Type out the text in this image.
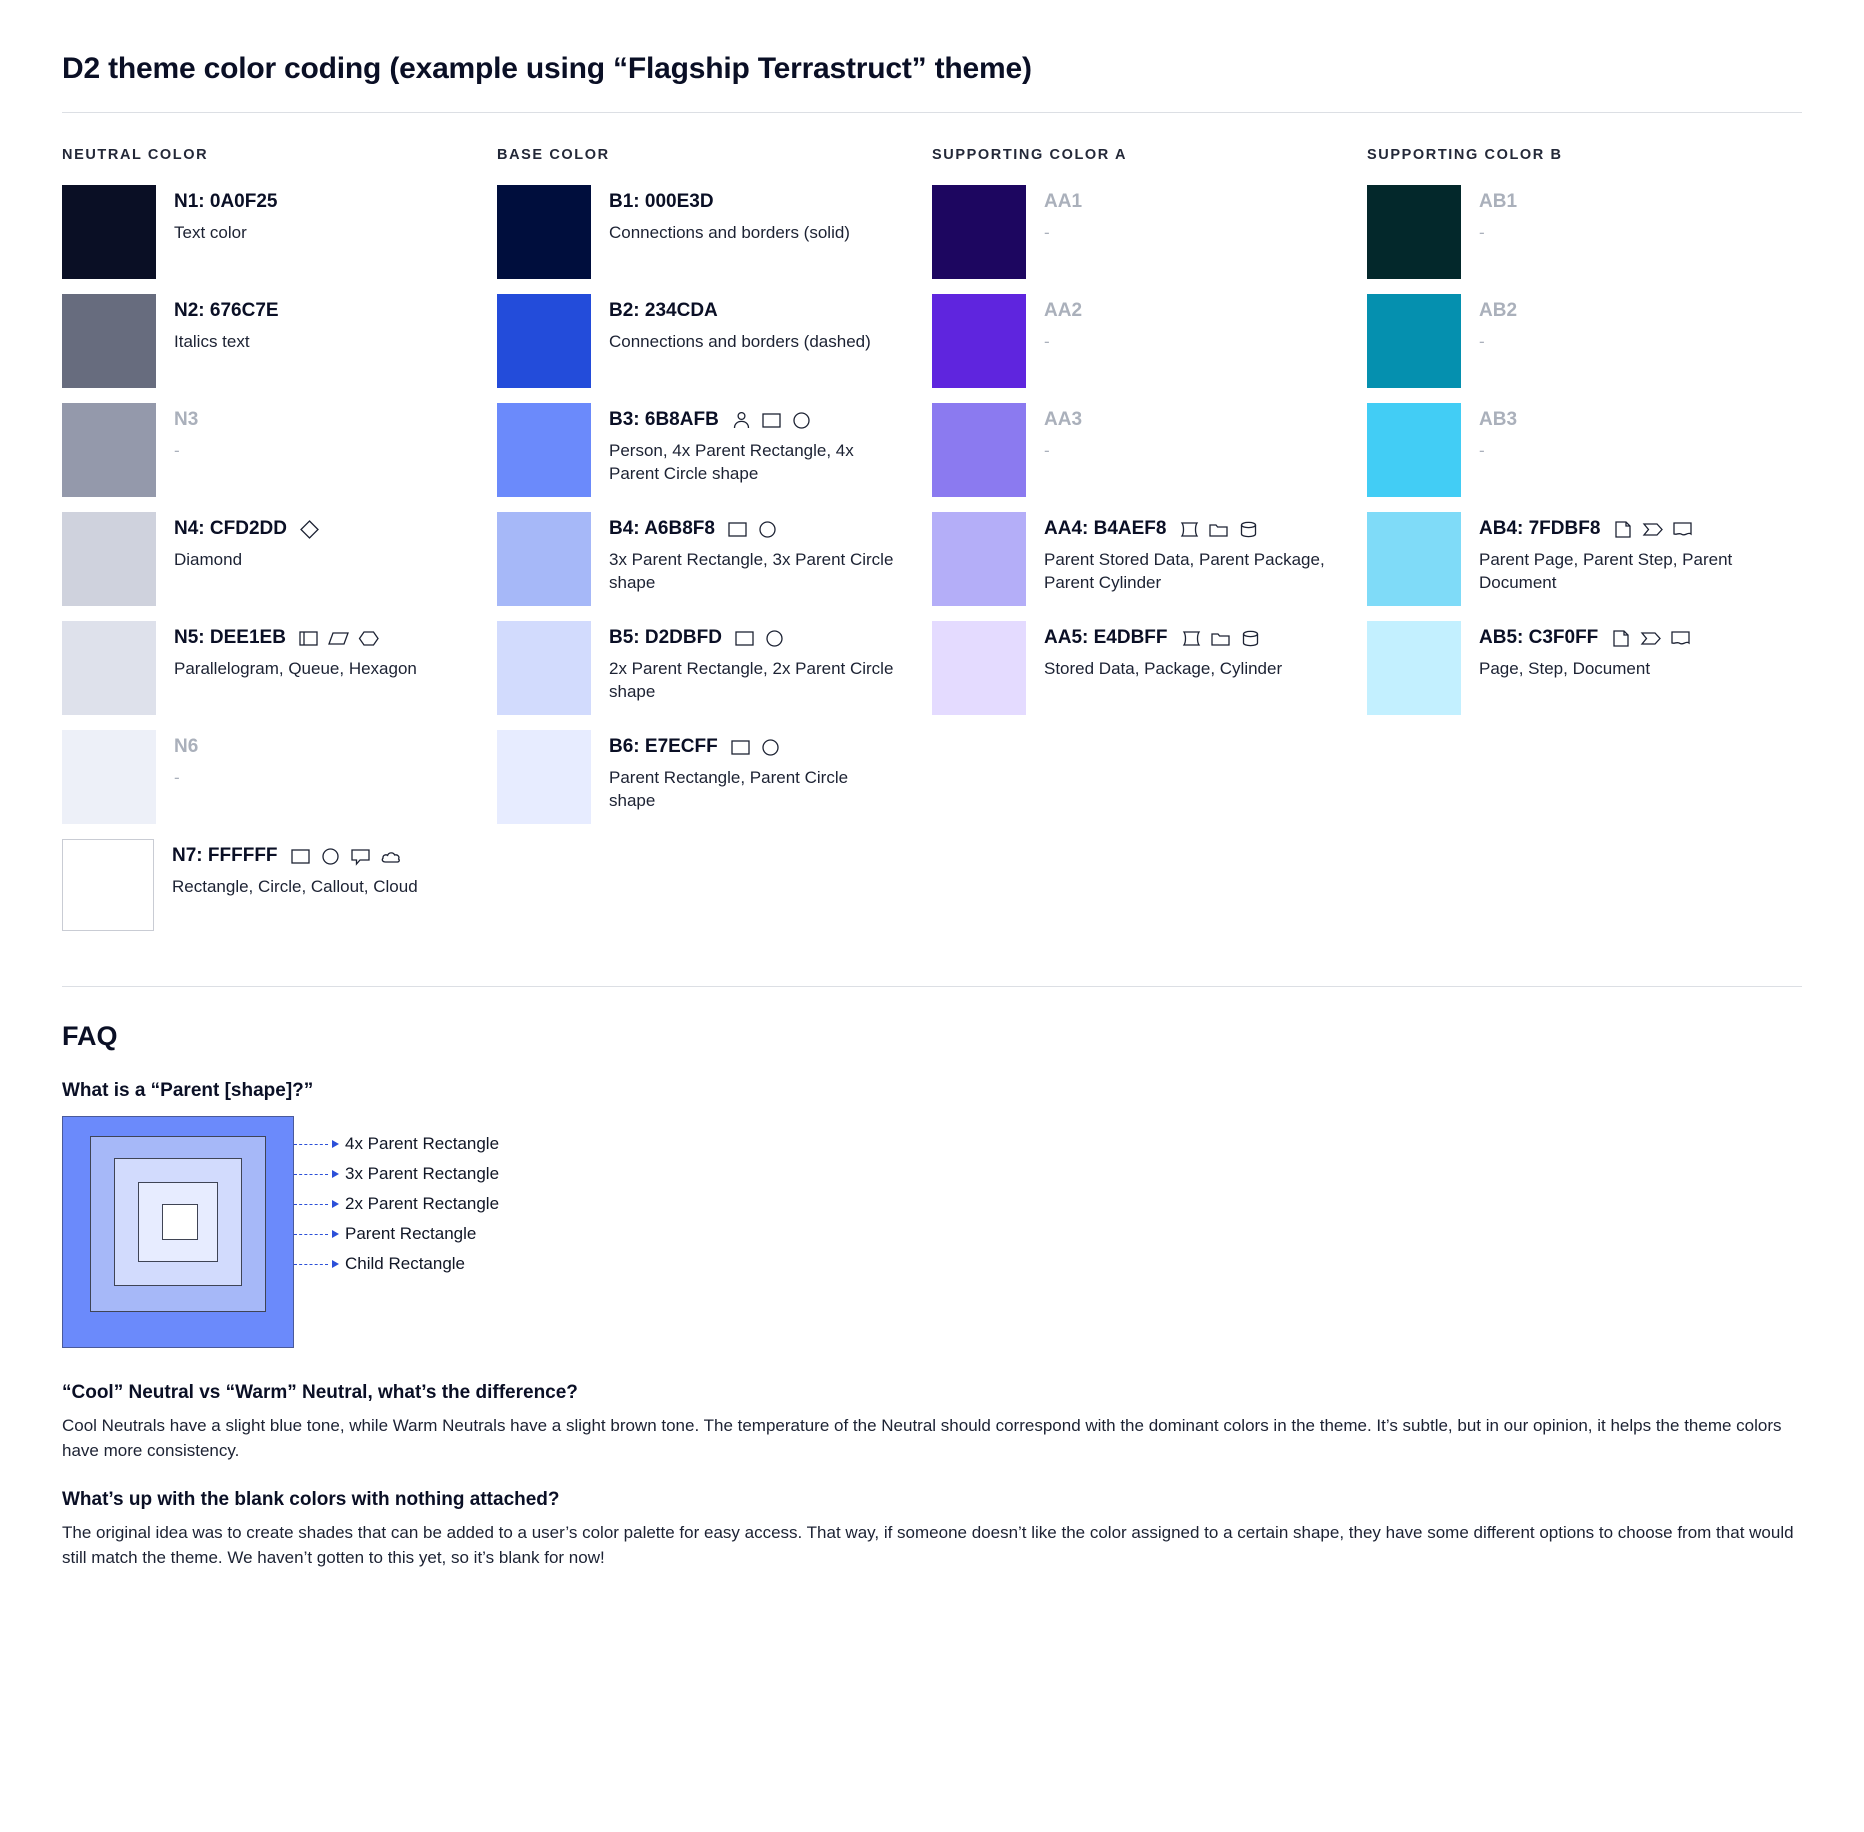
D2 theme color coding (example using “Flagship Terrastruct” theme)
NEUTRAL COLOR
N1: 0A0F25
Text color
N2: 676C7E
Italics text
N3
-
N4: CFD2DD
Diamond
N5: DEE1EB
Parallelogram, Queue, Hexagon
N6
-
N7: FFFFFF
Rectangle, Circle, Callout, Cloud
BASE COLOR
B1: 000E3D
Connections and borders (solid)
B2: 234CDA
Connections and borders (dashed)
B3: 6B8AFB
Person, 4x Parent Rectangle, 4x Parent Circle shape
B4: A6B8F8
3x Parent Rectangle, 3x Parent Circle shape
B5: D2DBFD
2x Parent Rectangle, 2x Parent Circle shape
B6: E7ECFF
Parent Rectangle, Parent Circle shape
SUPPORTING COLOR A
AA1
-
AA2
-
AA3
-
AA4: B4AEF8
Parent Stored Data, Parent Package, Parent Cylinder
AA5: E4DBFF
Stored Data, Package, Cylinder
SUPPORTING COLOR B
AB1
-
AB2
-
AB3
-
AB4: 7FDBF8
Parent Page, Parent Step, Parent Document
AB5: C3F0FF
Page, Step, Document
FAQ
What is a “Parent [shape]?”
4x Parent Rectangle
3x Parent Rectangle
2x Parent Rectangle
Parent Rectangle
Child Rectangle
“Cool” Neutral vs “Warm” Neutral, what’s the difference?

Cool Neutrals have a slight blue tone, while Warm Neutrals have a slight brown tone. The temperature of the Neutral should correspond with the dominant colors in the theme. It’s subtle, but in our opinion, it helps the theme colors have more consistency.

What’s up with the blank colors with nothing attached?

The original idea was to create shades that can be added to a user’s color palette for easy access. That way, if someone doesn’t like the color assigned to a certain shape, they have some different options to choose from that would still match the theme. We haven’t gotten to this yet, so it’s blank for now!
